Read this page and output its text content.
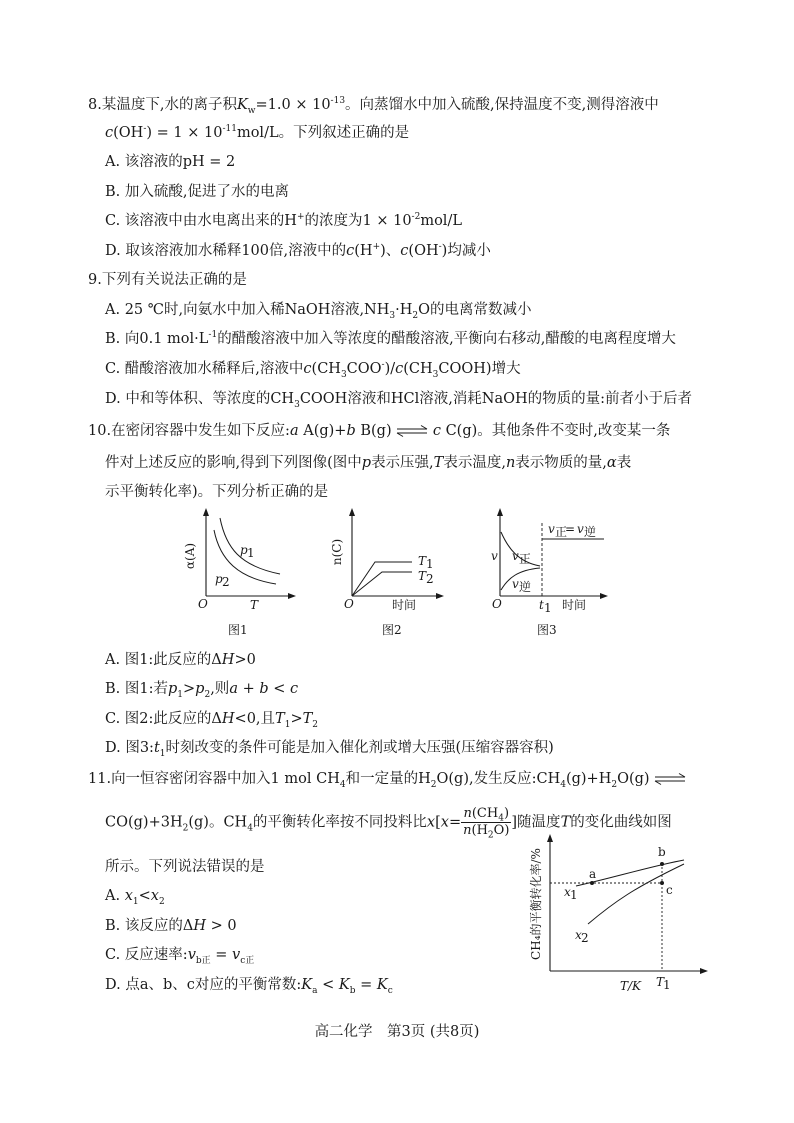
8.某温度下,水的离子积$K_w=1.0 \times 10^{-13}$。向蒸馏水中加入硫酸,保持温度不变,测得溶液中
$c(OH^-) = 1 \times 10^{-11}mol/L$。下列叙述正确的是
A. 该溶液的pH = 2
B. 加入硫酸,促进了水的电离
C. 该溶液中由水电离出来的H+的浓度为$1 \times 10^{-2}mol/L$
D. 取该溶液加水稀释100倍,溶液中的c(H+)、c(OH-)均减小
9.下列有关说法正确的是
A. 25 ℃时,向氨水中加入稀NaOH溶液$,NH_3\cdot H_2O$的电离常数减小
B. 向0.1 $mol\cdot L^{-1}$的醋酸溶液中加入等浓度的醋酸溶液,平衡向右移动,醋酸的电离程度增大
C. 醋酸溶液加水稀释后,溶液中$c(CH_3COO^-)/c(CH_3COOH)$增大
D. 中和等体积、等浓度的$CH_3COOH$溶液和HCl溶液,消耗NaOH的物质的量:前者小于后者
10.在密闭容器中发生如下反应:a A(g)+b B(g) ⇌ c C(g)。其他条件不变时,改变某一条
件对上述反应的影响,得到下列图像(图中p表示压强,T表示温度,n表示物质的量,α表
示平衡转化率)。下列分析正确的是
α(A)	p 1
p 2
O	T
图1
n(C)	T 1
T 2
O	时间
图2
v v 正
v 逆
v 正
= v 逆
O	t 1 时间
图3
A. 图1:此反应的ΔH>0
B. 图1:若$p_1>p_2$,则a + b < c
C. 图2:此反应的ΔH<0,且$T_1>T_2$
D. 图$3:t_1$时刻改变的条件可能是加入催化剂或增大压强(压缩容器容积)
11.向一恒容密闭容器中加入1 mol $CH_4$和一定量的$H_2O(g)$,发生反应$:CH_4(g)+H_2O(g)$ ⇌
$CO(g)+3H_2(g)$。$CH_4$的平衡转化率按不同投料比$x[x= \frac{n(CH_4)}{n(H_2O)}$ ]随温度T的变化曲线如图
所示。下列说法错误的是
A. $x_1<x_2$
B. 该反应的ΔH > 0
C. 反应速率$:v_{b正} = v_{c正}$
D. 点a、b、c对应的平衡常数$:K_a < K_b = K_c$
CH₄的平衡转化率/%	a
b
c
x 1
x 2
T/K T
1
高二化学　第3页 (共8页)
